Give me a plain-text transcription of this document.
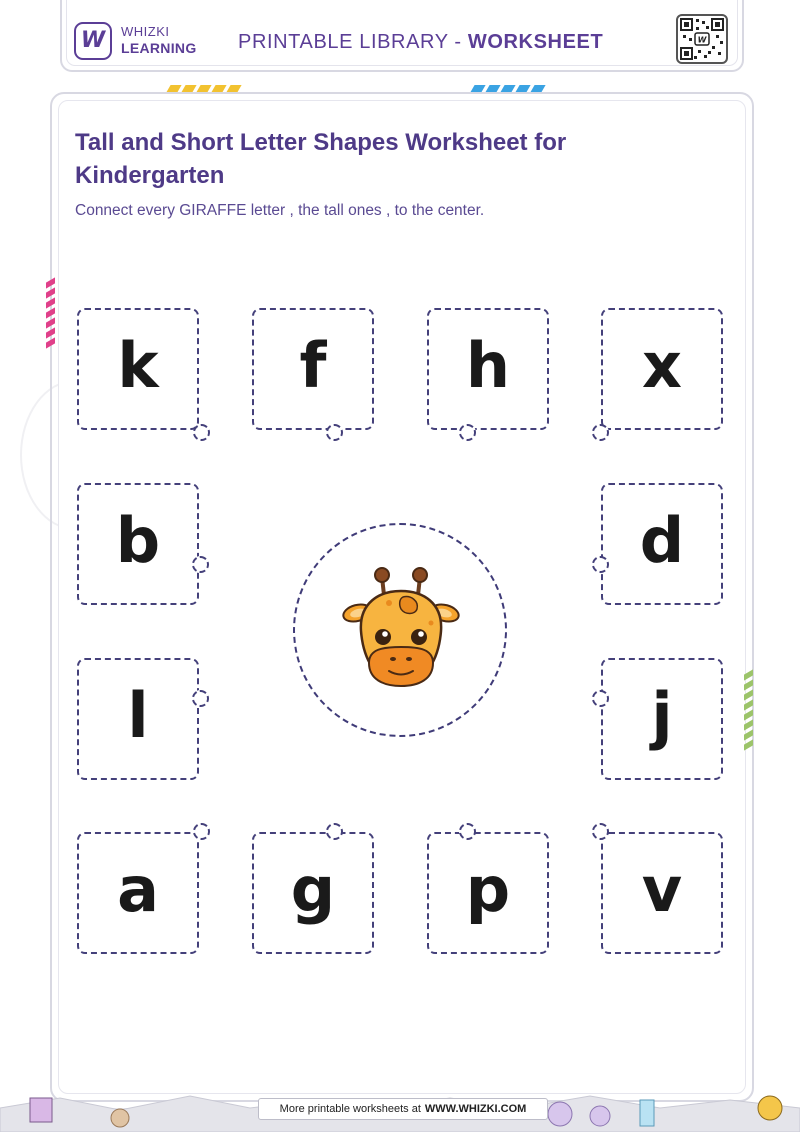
W WHIZKI
LEARNING PRINTABLE LIBRARY - WORKSHEET	W
Tall and Short Letter Shapes Worksheet for Kindergarten

Connect every GIRAFFE letter , the tall ones , to the center.

k	f	h	x
b	d
l	j
a	g	p	v
More printable worksheets at WWW.WHIZKI.COM
